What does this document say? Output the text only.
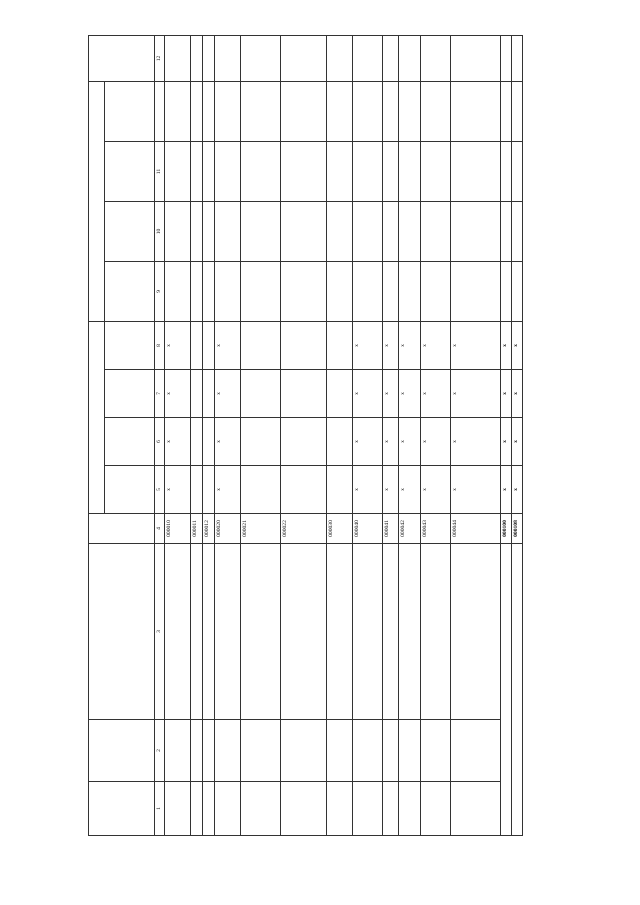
1	2	3	4	5	6	7	8	9	10	11		12
			000010	x	x	x	x					
			000011									
			000012									
			000020	x	x	x	x					
			000021									
			000022									
			000030									
			000040	x	x	x	x					
			000041	x	x	x	x					
			000042	x	x	x	x					
			000043	x	x	x	x					
			000044	x	x	x	x					
			000100	x	x	x	x					
			000108	x	x	x	x					
